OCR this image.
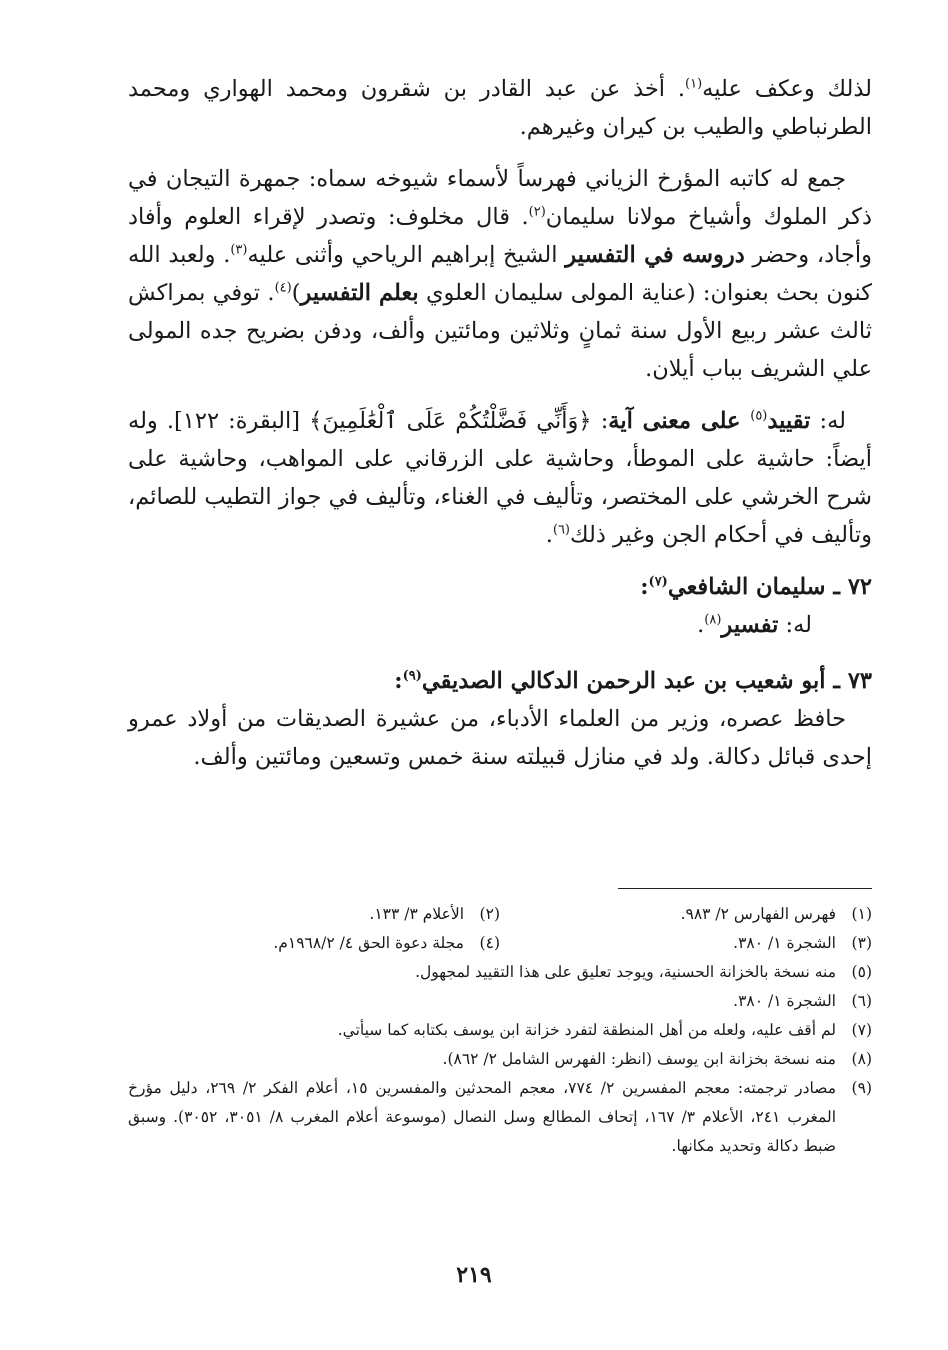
لذلك وعكف عليه$^{(١)}$. أخذ عن عبد القادر بن شقرون ومحمد الهواري ومحمد الطرنباطي والطيب بن كيران وغيرهم.

جمع له كاتبه المؤرخ الزياني فهرساً لأسماء شيوخه سماه: جمهرة التيجان في ذكر الملوك وأشياخ مولانا سليمان$^{(٢)}$. قال مخلوف: وتصدر لإقراء العلوم وأفاد وأجاد، وحضر دروسه في التفسير الشيخ إبراهيم الرياحي وأثنى عليه$^{(٣)}$. ولعبد الله كنون بحث بعنوان: (عناية المولى سليمان العلوي بعلم التفسير)$^{(٤)}$. توفي بمراكش ثالث عشر ربيع الأول سنة ثمانٍ وثلاثين ومائتين وألف، ودفن بضريح جده المولى علي الشريف بباب أيلان.

له: تقييد$^{(٥)}$ على معنى آية: ﴿وَأَنِّي فَضَّلْتُكُمْ عَلَى ٱلْعَٰلَمِينَ﴾ [البقرة: ١٢٢]. وله أيضاً: حاشية على الموطأ، وحاشية على الزرقاني على المواهب، وحاشية على شرح الخرشي على المختصر، وتأليف في الغناء، وتأليف في جواز التطيب للصائم، وتأليف في أحكام الجن وغير ذلك$^{(٦)}$.

٧٢ ـ سليمان الشافعي$^{(٧)}$:

له: تفسير$^{(٨)}$.

٧٣ ـ أبو شعيب بن عبد الرحمن الدكالي الصديقي$^{(٩)}$:

حافظ عصره، وزير من العلماء الأدباء، من عشيرة الصديقات من أولاد عمرو إحدى قبائل دكالة. ولد في منازل قبيلته سنة خمس وتسعين ومائتين وألف.

(١)
فهرس الفهارس ٢/ ٩٨٣.
(٢)
الأعلام ٣/ ١٣٣.
(٣)
الشجرة ١/ ٣٨٠.
(٤)
مجلة دعوة الحق ٤/ ١٩٦٨/٢م.
(٥)
منه نسخة بالخزانة الحسنية، ويوجد تعليق على هذا التقييد لمجهول.
(٦)
الشجرة ١/ ٣٨٠.
(٧)
لم أقف عليه، ولعله من أهل المنطقة لتفرد خزانة ابن يوسف بكتابه كما سيأتي.
(٨)
منه نسخة بخزانة ابن يوسف (انظر: الفهرس الشامل ٢/ ٨٦٢).
(٩)
مصادر ترجمته: معجم المفسرين ٢/ ٧٧٤، معجم المحدثين والمفسرين ١٥، أعلام الفكر ٢/ ٢٦٩، دليل مؤرخ المغرب ٢٤١، الأعلام ٣/ ١٦٧، إتحاف المطالع وسل النصال (موسوعة أعلام المغرب ٨/ ٣٠٥١، ٣٠٥٢). وسبق ضبط دكالة وتحديد مكانها.
٢١٩
